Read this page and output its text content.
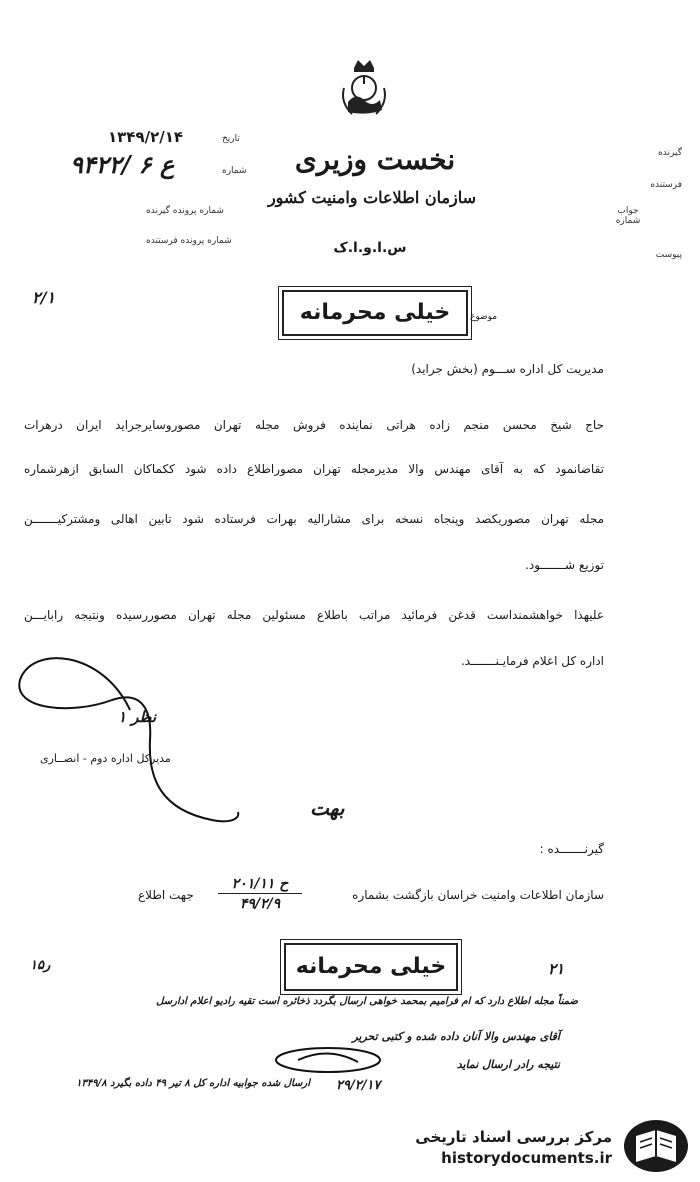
نخست وزیری
سازمان اطلاعات وامنیت کشور
س.ا.و.ا.ک
تاریخ
۱۳۴۹/۲/۱۴
شماره
۹۴۲۲/ ۶ ع
شماره پرونده گیرنده
شماره پرونده فرستنده
گیرنده
فرستنده
جواب شماره
پیوست
۲/۱
خیلی محرمانه	موضوع
مدیریت کل اداره ســـوم (بخش جراید)
حاج شیخ محسن منجم زاده هراتی نماینده فروش مجله تهران مصوروسایرجراید ایران درهرات
تقاضانمود که به آقای مهندس والا مدیرمجله تهران مصوراطلاع داده شود ککماکان السابق ازهرشماره
مجله تهران مصوریکصد وپنجاه نسخه برای مشارالیه بهرات فرستاده شود تابین اهالی ومشترکیـــــــن
توزیع شـــــــود.
علیهذا خواهشمنداست قدغن فرمائید مراتب باطلاع مسئولین مجله تهران مصوررسیده ونتیجه رابایـــن
اداره کل اعلام فرمایـنـــــــد.
نظر ۱
مدیرکل اداره دوم - انصــاری
بهت
گیرنـــــــده :
سازمان اطلاعات وامنیت خراسان بازگشت بشماره
۲۰۱/ح ۱۱
۴۹/۲/۹
جهت اطلاع
خیلی محرمانه	۲۱
ر۱۵
ضمناً مجله اطلاع دارد که ام فرامیم بمحمد خواهی ارسال بگردد ذخائره است تقیه رادیو اعلام ادارسل
آقای مهندس والا آنان داده شده و کتبی تحریر
نتیجه رادر ارسال نماید
۲۹/۲/۱۷
ارسال شده جوابیه اداره کل ۸ تیر ۴۹ داده بگیرد ۱۳۴۹/۸
مرکز بررسی اسناد تاریخی
historydocuments.ir
